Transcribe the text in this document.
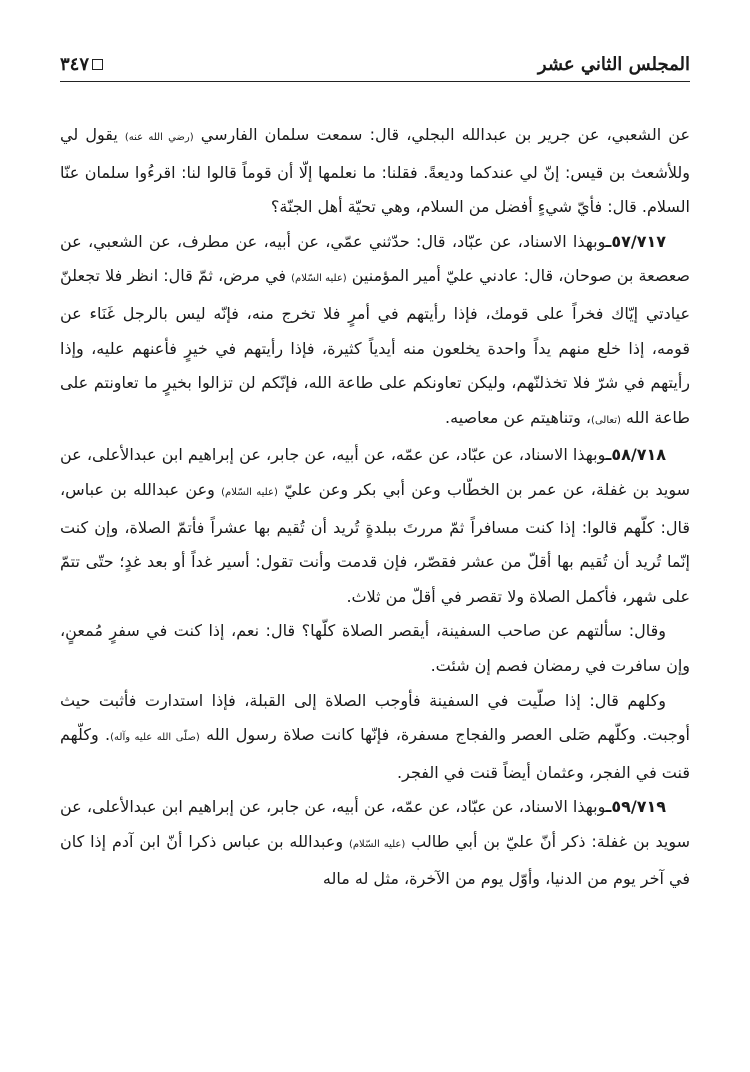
المجلس الثاني عشر
٣٤٧

عن الشعبي، عن جرير بن عبدالله البجلي، قال: سمعت سلمان الفارسي (رضي الله عنه) يقول لي وللأشعث بن قيس: إنّ لي عندكما وديعةً. فقلنا: ما نعلمها إلّا أن قوماً قالوا لنا: اقرءُوا سلمان عنّا السلام. قال: فأيّ شيءٍ أفضل من السلام، وهي تحيّة أهل الجنّة؟

٥٧/٧١٧ـوبهذا الاسناد، عن عبّاد، قال: حدّثني عمّي، عن أبيه، عن مطرف، عن الشعبي، عن صعصعة بن صوحان، قال: عادني عليّ أمير المؤمنين (عليه السّلام) في مرض، ثمّ قال: انظر فلا تجعلنّ عيادتي إيّاك فخراً على قومك، فإذا رأيتهم في أمرٍ فلا تخرج منه، فإنّه ليس بالرجل غَنَاء عن قومه، إذا خلع منهم يداً واحدة يخلعون منه أيدياً كثيرة، فإذا رأيتهم في خيرٍ فأعنهم عليه، وإذا رأيتهم في شرّ فلا تخذلنّهم، وليكن تعاونكم على طاعة الله، فإنّكم لن تزالوا بخيرٍ ما تعاونتم على طاعة الله (تعالى)، وتناهيتم عن معاصيه.

٥٨/٧١٨ـوبهذا الاسناد، عن عبّاد، عن عمّه، عن أبيه، عن جابر، عن إبراهيم ابن عبدالأعلى، عن سويد بن غفلة، عن عمر بن الخطّاب وعن أبي بكر وعن عليّ (عليه السّلام) وعن عبدالله بن عباس، قال: كلّهم قالوا: إذا كنت مسافراً ثمّ مررتَ ببلدةٍ تُريد أن تُقيم بها عشراً فأتمّ الصلاة، وإن كنت إنّما تُريد أن تُقيم بها أقلّ من عشر فقصّر، فإن قدمت وأنت تقول: أسير غداً أو بعد غدٍ؛ حتّى تتمّ على شهر، فأكمل الصلاة ولا تقصر في أقلّ من ثلاث.

وقال: سألتهم عن صاحب السفينة، أيقصر الصلاة كلّها؟ قال: نعم، إذا كنت في سفرٍ مُمعنٍ، وإن سافرت في رمضان فصم إن شئت.

وكلهم قال: إذا صلّيت في السفينة فأوجب الصلاة إلى القبلة، فإذا استدارت فأثبت حيث أوجبت. وكلّهم صَلى العصر والفجاج مسفرة، فإنّها كانت صلاة رسول الله (صلّى الله عليه وآله). وكلّهم قنت في الفجر، وعثمان أيضاً قنت في الفجر.

٥٩/٧١٩ـوبهذا الاسناد، عن عبّاد، عن عمّه، عن أبيه، عن جابر، عن إبراهيم ابن عبدالأعلى، عن سويد بن غفلة: ذكر أنّ عليّ بن أبي طالب (عليه السّلام) وعبدالله بن عباس ذكرا أنّ ابن آدم إذا كان في آخر يوم من الدنيا، وأوّل يوم من الآخرة، مثل له ماله
